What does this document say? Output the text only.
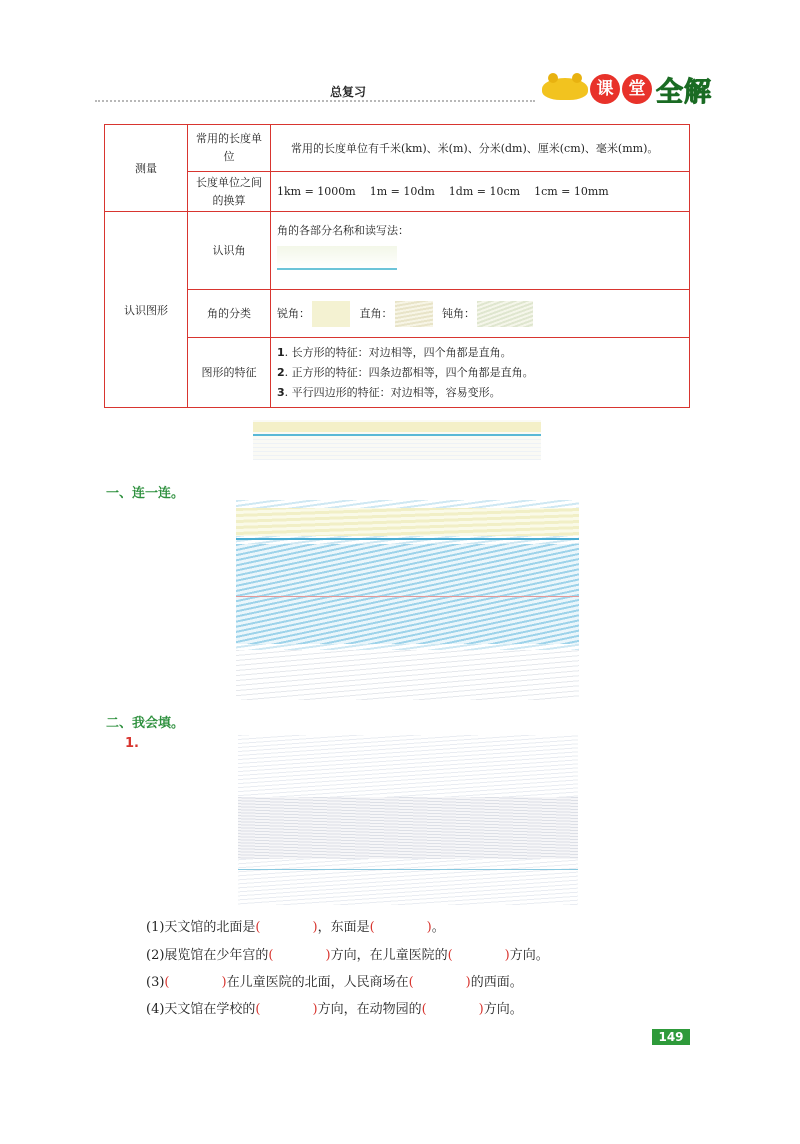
总复习	课 堂 全解
测量	常用的长度单位	常用的长度单位有千米(km)、米(m)、分米(dm)、厘米(cm)、毫米(mm)。
	长度单位之间的换算	1km = 1000m    1m = 10dm    1dm = 10cm    1cm = 10mm
认识图形	认识角	角的各部分名称和读写法：

	角的分类	锐角： 直角： 钝角：
	图形的特征	1. 长方形的特征：对边相等，四个角都是直角。
2. 正方形的特征：四条边都相等，四个角都是直角。
3. 平行四边形的特征：对边相等，容易变形。
一、连一连。
二、我会填。
1.
(1)天文馆的北面是(　　　　)，东面是(　　　　)。
(2)展览馆在少年宫的(　　　　)方向，在儿童医院的(　　　　)方向。
(3)(　　　　)在儿童医院的北面，人民商场在(　　　　)的西面。
(4)天文馆在学校的(　　　　)方向，在动物园的(　　　　)方向。
149
